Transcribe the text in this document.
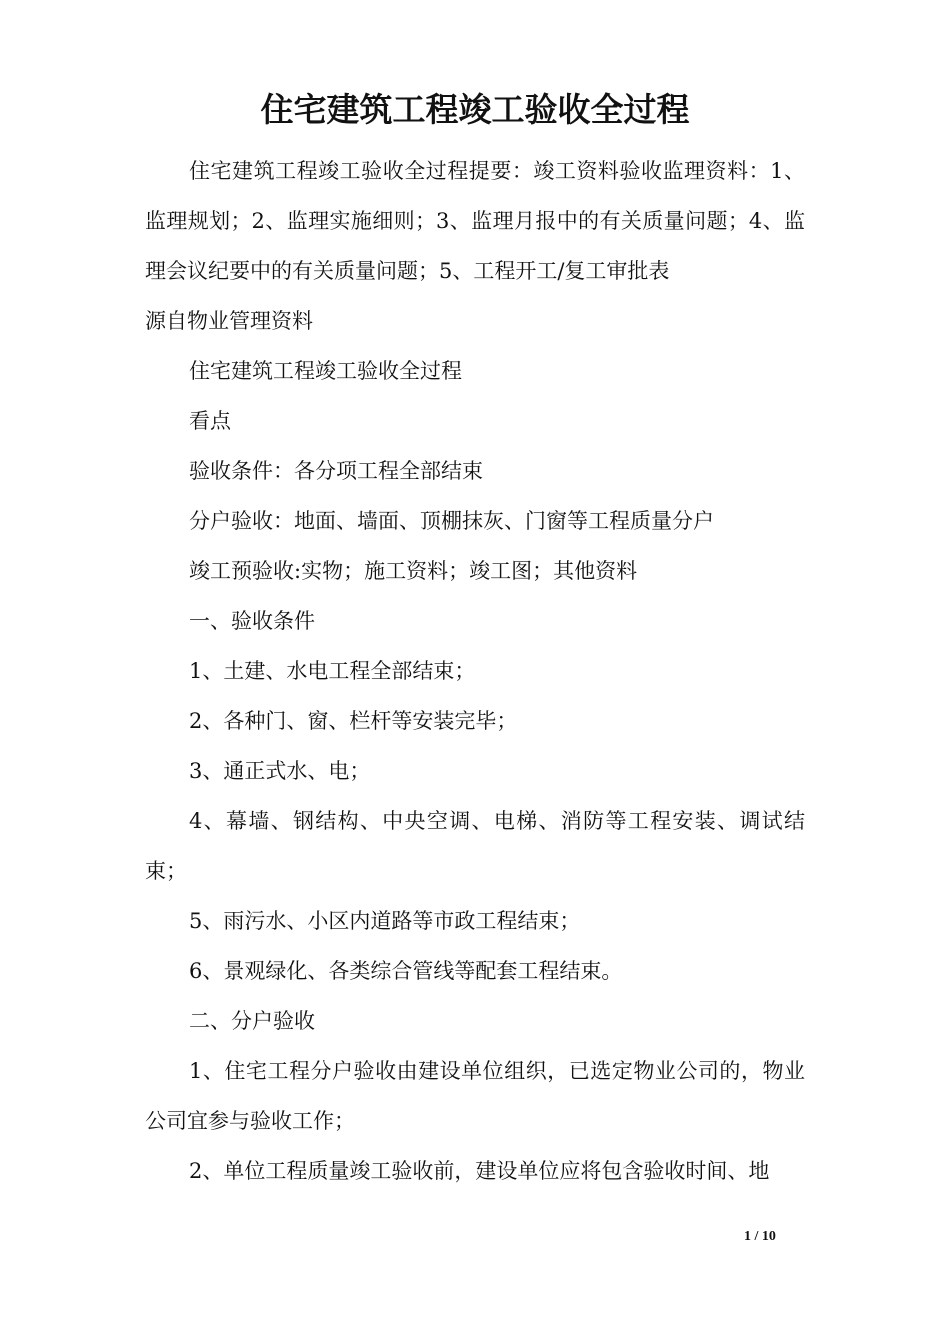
住宅建筑工程竣工验收全过程

住宅建筑工程竣工验收全过程提要：竣工资料验收监理资料：1、监理规划；2、监理实施细则；3、监理月报中的有关质量问题；4、监理会议纪要中的有关质量问题；5、工程开工/复工审批表

源自物业管理资料

住宅建筑工程竣工验收全过程

看点

验收条件：各分项工程全部结束

分户验收：地面、墙面、顶棚抹灰、门窗等工程质量分户

竣工预验收:实物；施工资料；竣工图；其他资料

一、验收条件

1、土建、水电工程全部结束；

2、各种门、窗、栏杆等安装完毕；

3、通正式水、电；

4、幕墙、钢结构、中央空调、电梯、消防等工程安装、调试结束；

5、雨污水、小区内道路等市政工程结束；

6、景观绿化、各类综合管线等配套工程结束。

二、分户验收

1、住宅工程分户验收由建设单位组织，已选定物业公司的，物业公司宜参与验收工作；

2、单位工程质量竣工验收前，建设单位应将包含验收时间、地

1 / 10
